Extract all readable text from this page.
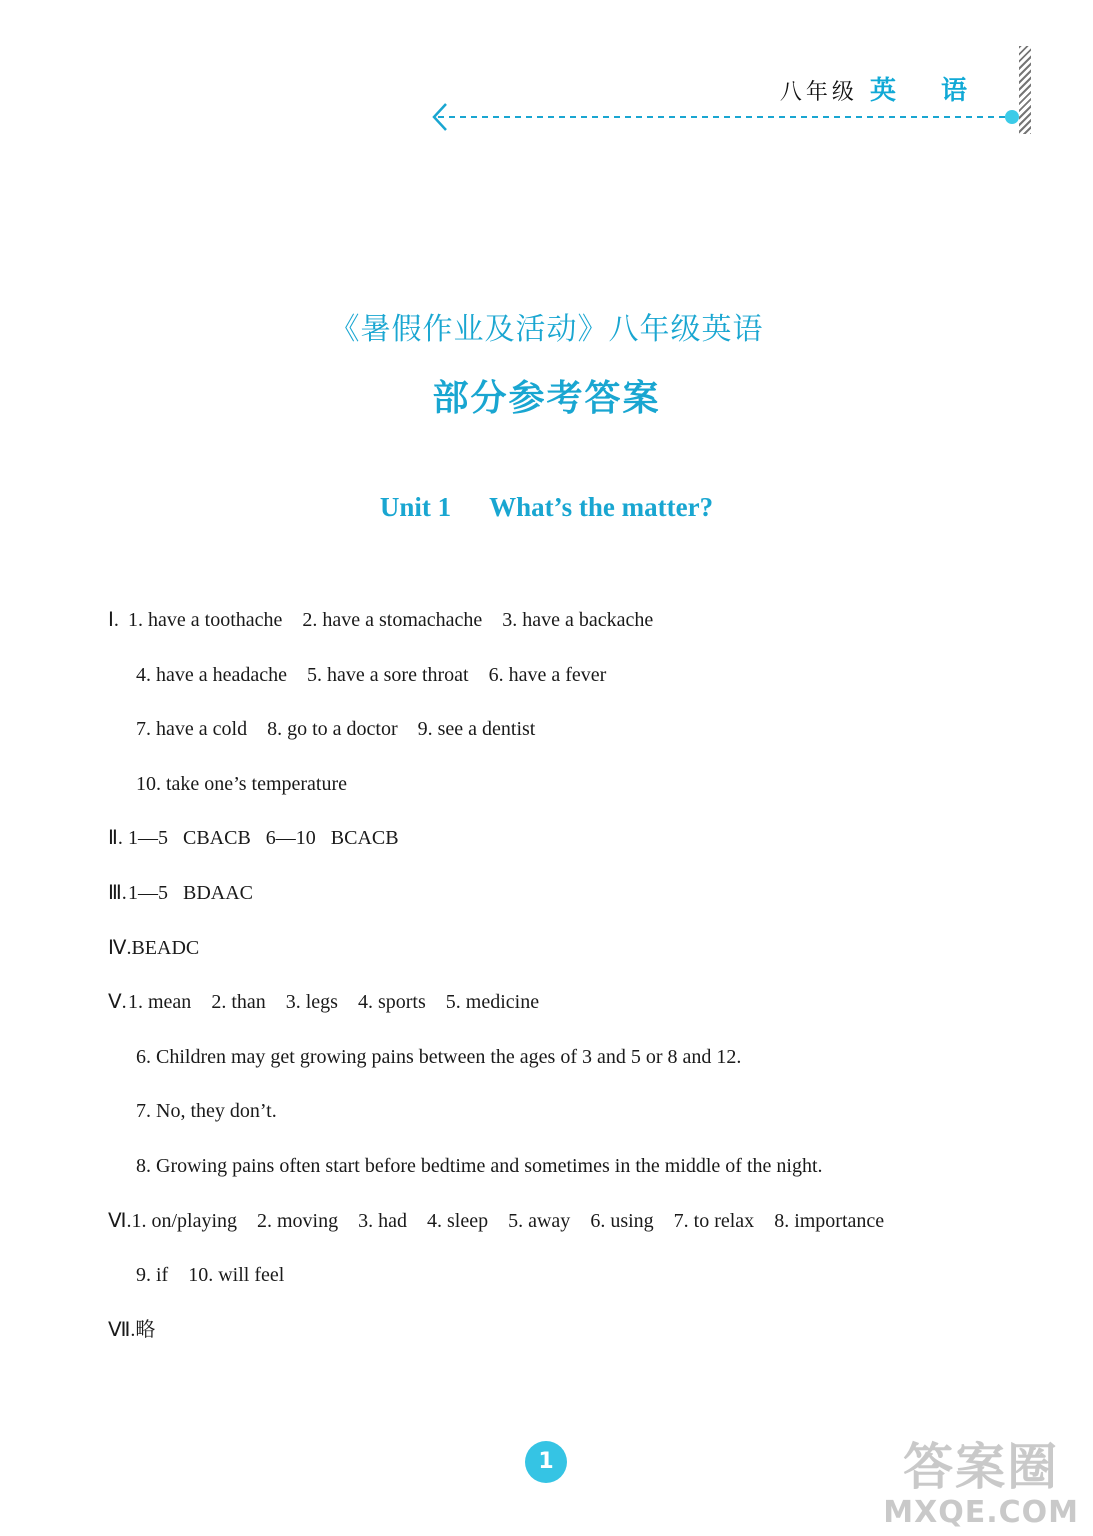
八年级 英 语
《暑假作业及活动》八年级英语
部分参考答案
Unit 1 What’s the matter?
Ⅰ. 1. have a toothache 2. have a stomachache 3. have a backache
4. have a headache 5. have a sore throat 6. have a fever
7. have a cold 8. go to a doctor 9. see a dentist
10. take one’s temperature
Ⅱ. 1—5   CBACB   6—10   BCACB
Ⅲ.1—5   BDAAC
Ⅳ.BEADC
Ⅴ.1. mean 2. than 3. legs 4. sports 5. medicine
6. Children may get growing pains between the ages of 3 and 5 or 8 and 12.
7. No, they don’t.
8. Growing pains often start before bedtime and sometimes in the middle of the night.
Ⅵ.1. on/playing 2. moving 3. had 4. sleep 5. away 6. using 7. to relax 8. importance
9. if 10. will feel
Ⅶ.略
1	答案圈
MXQE.COM
